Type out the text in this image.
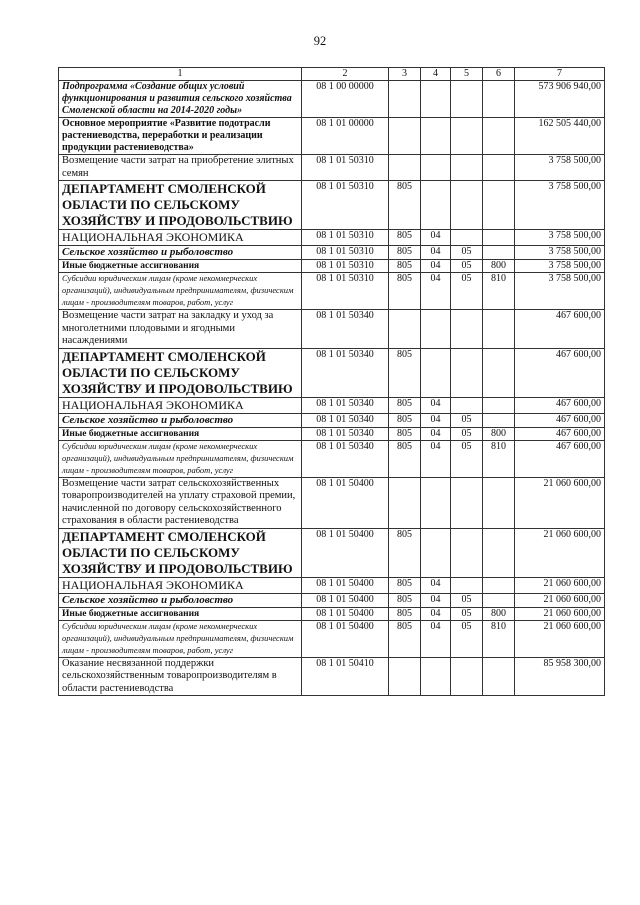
92
1	2	3	4	5	6	7
Подпрограмма «Создание общих условий функционирования и развития сельского хозяйства Смоленской области на 2014-2020 годы»	08 1 00 00000					573 906 940,00
Основное мероприятие «Развитие подотрасли растениеводства, переработки и реализации продукции растениеводства»	08 1 01 00000					162 505 440,00
Возмещение части затрат на приобретение элитных семян	08 1 01 50310					3 758 500,00
ДЕПАРТАМЕНТ СМОЛЕНСКОЙ ОБЛАСТИ ПО СЕЛЬСКОМУ ХОЗЯЙСТВУ И ПРОДОВОЛЬСТВИЮ	08 1 01 50310	805				3 758 500,00
НАЦИОНАЛЬНАЯ ЭКОНОМИКА	08 1 01 50310	805	04			3 758 500,00
Сельское хозяйство и рыболовство	08 1 01 50310	805	04	05		3 758 500,00
Иные бюджетные ассигнования	08 1 01 50310	805	04	05	800	3 758 500,00
Субсидии юридическим лицам (кроме некоммерческих организаций), индивидуальным предпринимателям, физическим лицам - производителям товаров, работ, услуг	08 1 01 50310	805	04	05	810	3 758 500,00
Возмещение части затрат на закладку и уход за многолетними плодовыми и ягодными насаждениями	08 1 01 50340					467 600,00
ДЕПАРТАМЕНТ СМОЛЕНСКОЙ ОБЛАСТИ ПО СЕЛЬСКОМУ ХОЗЯЙСТВУ И ПРОДОВОЛЬСТВИЮ	08 1 01 50340	805				467 600,00
НАЦИОНАЛЬНАЯ ЭКОНОМИКА	08 1 01 50340	805	04			467 600,00
Сельское хозяйство и рыболовство	08 1 01 50340	805	04	05		467 600,00
Иные бюджетные ассигнования	08 1 01 50340	805	04	05	800	467 600,00
Субсидии юридическим лицам (кроме некоммерческих организаций), индивидуальным предпринимателям, физическим лицам - производителям товаров, работ, услуг	08 1 01 50340	805	04	05	810	467 600,00
Возмещение части затрат сельскохозяйственных товаропроизводителей на уплату страховой премии, начисленной по договору сельскохозяйственного страхования в области растениеводства	08 1 01 50400					21 060 600,00
ДЕПАРТАМЕНТ СМОЛЕНСКОЙ ОБЛАСТИ ПО СЕЛЬСКОМУ ХОЗЯЙСТВУ И ПРОДОВОЛЬСТВИЮ	08 1 01 50400	805				21 060 600,00
НАЦИОНАЛЬНАЯ ЭКОНОМИКА	08 1 01 50400	805	04			21 060 600,00
Сельское хозяйство и рыболовство	08 1 01 50400	805	04	05		21 060 600,00
Иные бюджетные ассигнования	08 1 01 50400	805	04	05	800	21 060 600,00
Субсидии юридическим лицам (кроме некоммерческих организаций), индивидуальным предпринимателям, физическим лицам - производителям товаров, работ, услуг	08 1 01 50400	805	04	05	810	21 060 600,00
Оказание несвязанной поддержки сельскохозяйственным товаропроизводителям в области растениеводства	08 1 01 50410					85 958 300,00
